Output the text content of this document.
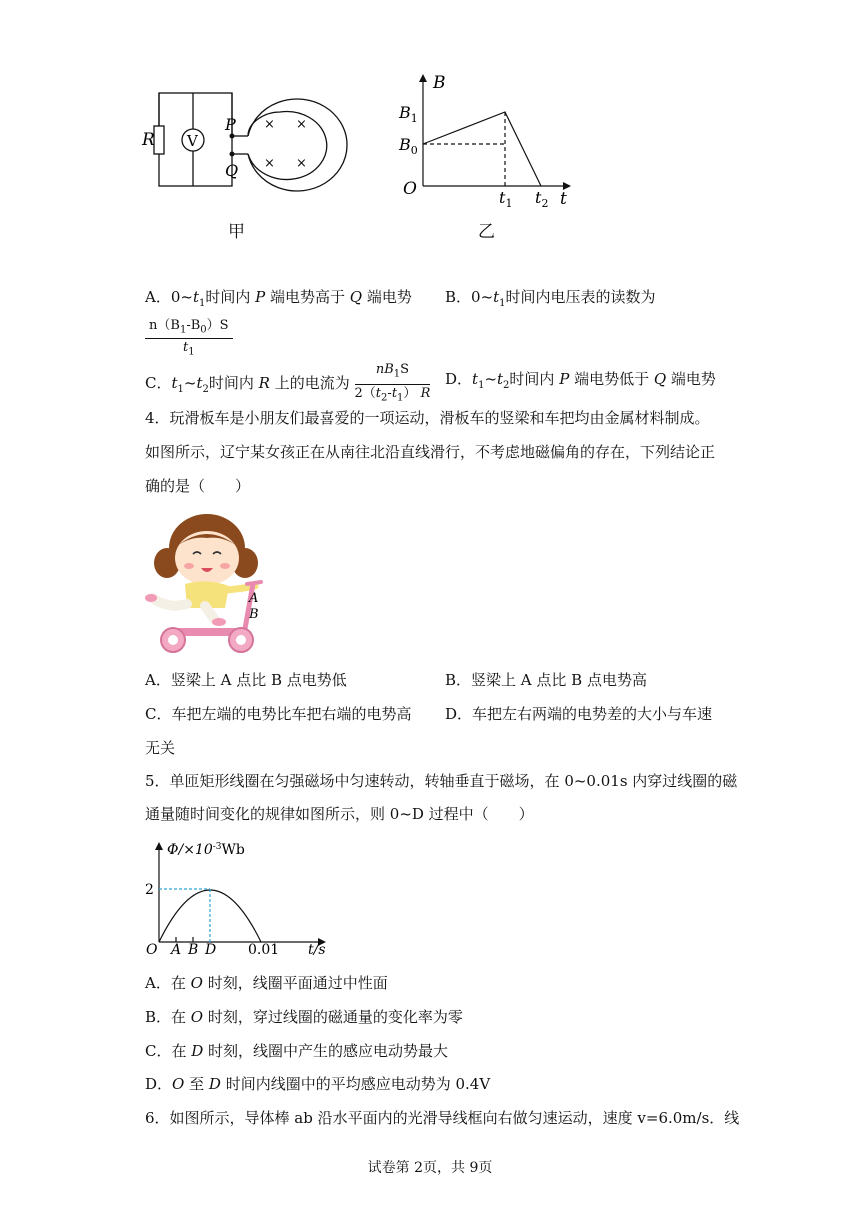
R V
P
Q
× ×
× ×
甲
B
t
$B_1$
$B_0$
O	$t_1$ $t_2$
乙
A．$0\sim t_1$时间内 P 端电势高于 Q 端电势 B．$0\sim t_1$时间内电压表的读数为
$\frac{n(B_1-B_0)S}{t_1}$
C．$t_1\sim t_2$时间内 R 上的电流为 $\frac{nB_1S}{2(t_2-t_1) R}$ D．$t_1\sim t_2$时间内 P 端电势低于 Q 端电势
4．玩滑板车是小朋友们最喜爱的一项运动，滑板车的竖梁和车把均由金属材料制成。
如图所示，辽宁某女孩正在从南往北沿直线滑行，不考虑地磁偏角的存在，下列结论正
确的是（　　）
A
B
A．竖梁上 A 点比 B 点电势低	B．竖梁上 A 点比 B 点电势高
C．车把左端的电势比车把右端的电势高 D．车把左右两端的电势差的大小与车速
无关
5．单匝矩形线圈在匀强磁场中匀速转动，转轴垂直于磁场，在 0~0.01s 内穿过线圈的磁
通量随时间变化的规律如图所示，则 0~D 过程中（　　）
$\Phi/\times 10^{-3}Wb$
2
O A B D 0.01 t/s
A．在 O 时刻，线圈平面通过中性面
B．在 O 时刻，穿过线圈的磁通量的变化率为零
C．在 D 时刻，线圈中产生的感应电动势最大
D．O 至 D 时间内线圈中的平均感应电动势为 0.4V
6．如图所示，导体棒 ab 沿水平面内的光滑导线框向右做匀速运动，速度 v=6.0m/s．线
试卷第 2页，共 9页
